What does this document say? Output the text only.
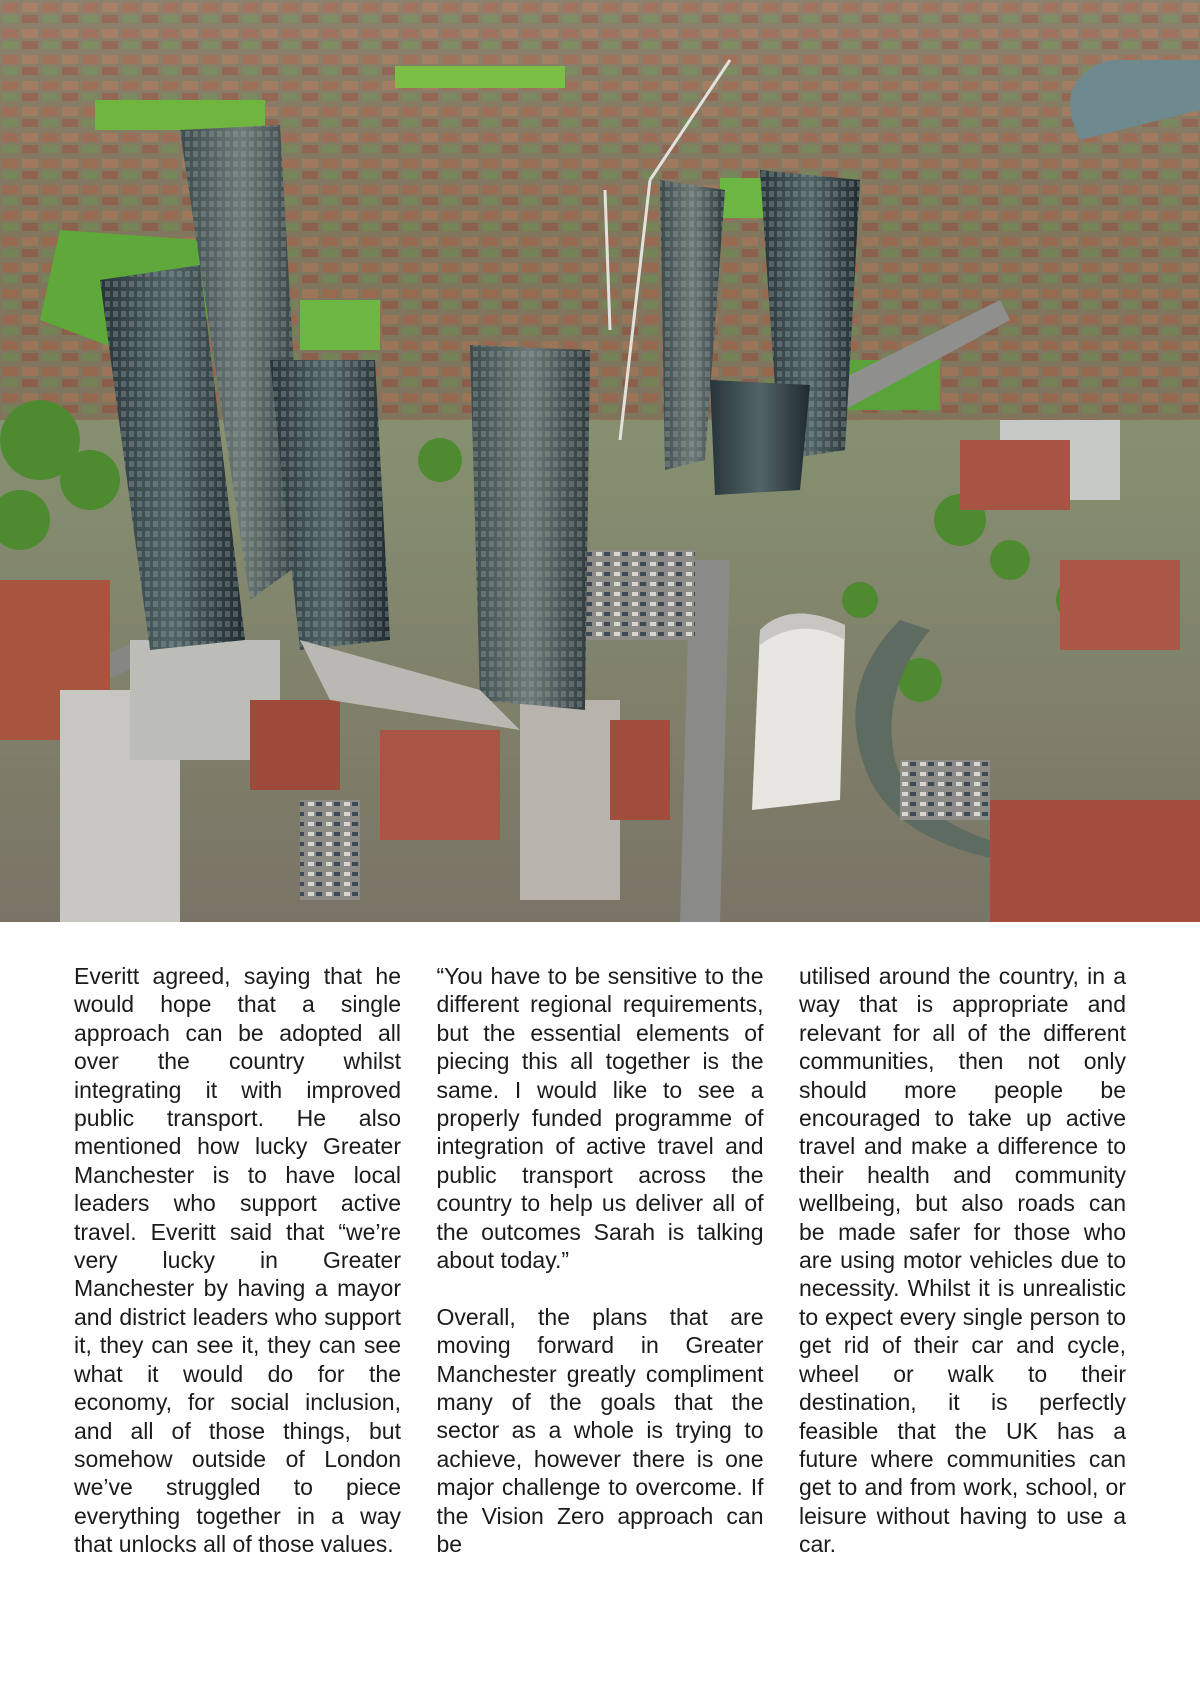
Everitt agreed, saying that he would hope that a single approach can be adopted all over the country whilst integrating it with improved public transport. He also mentioned how lucky Greater Manchester is to have local leaders who support active travel. Everitt said that “we’re very lucky in Greater Manchester by having a mayor and district leaders who support it, they can see it, they can see what it would do for the economy, for social inclusion, and all of those things, but somehow outside of London we’ve struggled to piece everything together in a way that unlocks all of those values.

“You have to be sensitive to the different regional requirements, but the essential elements of piecing this all together is the same. I would like to see a properly funded programme of integration of active travel and public transport across the country to help us deliver all of the outcomes Sarah is talking about today.”

Overall, the plans that are moving forward in Greater Manchester greatly compliment many of the goals that the sector as a whole is trying to achieve, however there is one major challenge to overcome. If the Vision Zero approach can be

utilised around the country, in a way that is appropriate and relevant for all of the different communities, then not only should more people be encouraged to take up active travel and make a difference to their health and community wellbeing, but also roads can be made safer for those who are using motor vehicles due to necessity. Whilst it is unrealistic to expect every single person to get rid of their car and cycle, wheel or walk to their destination, it is perfectly feasible that the UK has a future where communities can get to and from work, school, or leisure without having to use a car.
